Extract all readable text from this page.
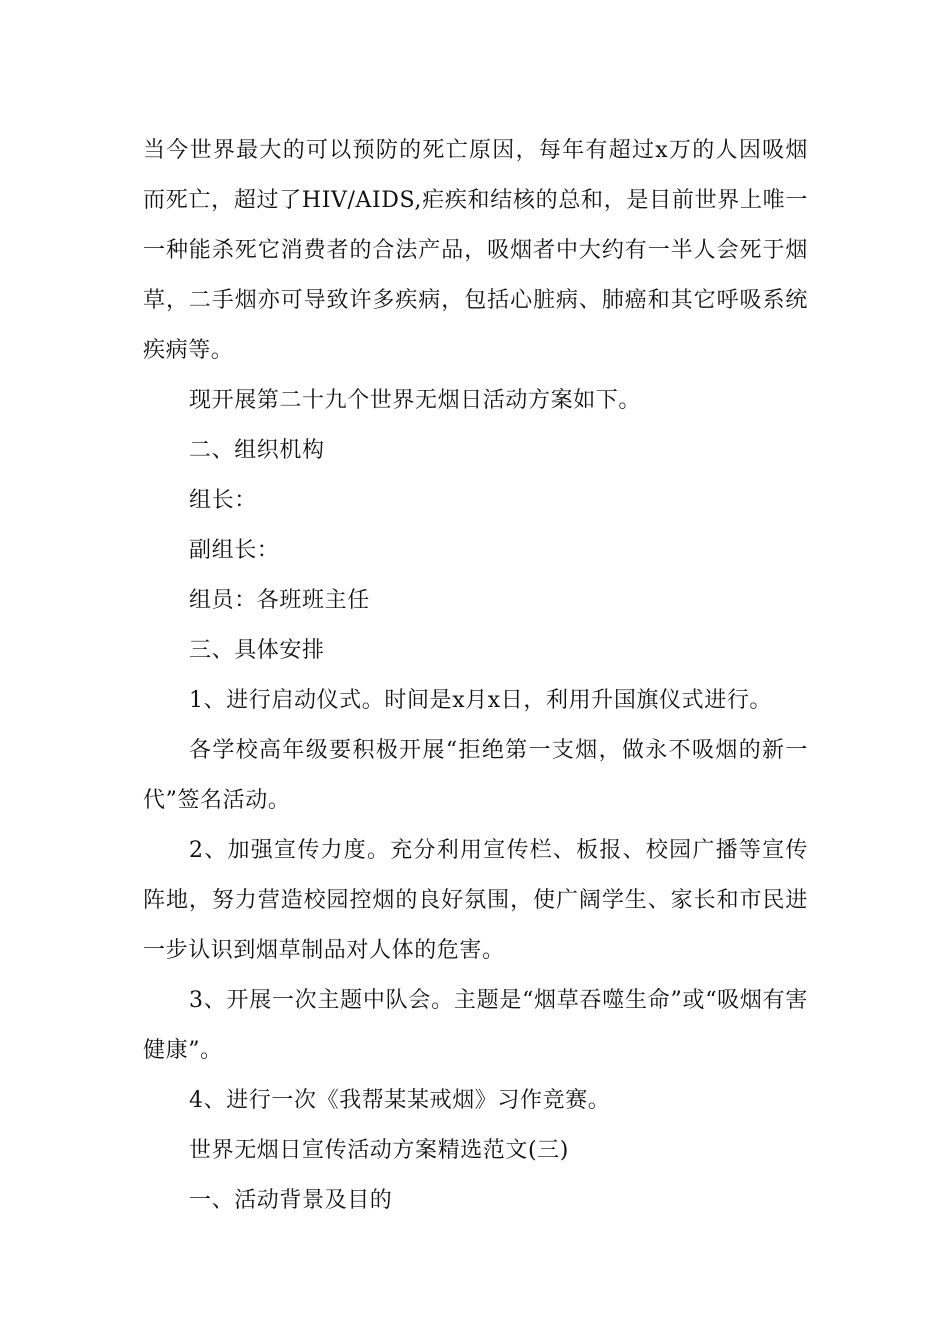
当今世界最大的可以预防的死亡原因，每年有超过x万的人因吸烟而死亡，超过了HIV/AIDS,疟疾和结核的总和，是目前世界上唯一一种能杀死它消费者的合法产品，吸烟者中大约有一半人会死于烟草，二手烟亦可导致许多疾病，包括心脏病、肺癌和其它呼吸系统疾病等。

现开展第二十九个世界无烟日活动方案如下。

二、组织机构

组长：

副组长：

组员：各班班主任

三、具体安排

1、进行启动仪式。时间是x月x日，利用升国旗仪式进行。

各学校高年级要积极开展“拒绝第一支烟，做永不吸烟的新一代”签名活动。

2、加强宣传力度。充分利用宣传栏、板报、校园广播等宣传阵地，努力营造校园控烟的良好氛围，使广阔学生、家长和市民进一步认识到烟草制品对人体的危害。

3、开展一次主题中队会。主题是“烟草吞噬生命”或“吸烟有害健康”。

4、进行一次《我帮某某戒烟》习作竞赛。

世界无烟日宣传活动方案精选范文(三)

一、活动背景及目的
